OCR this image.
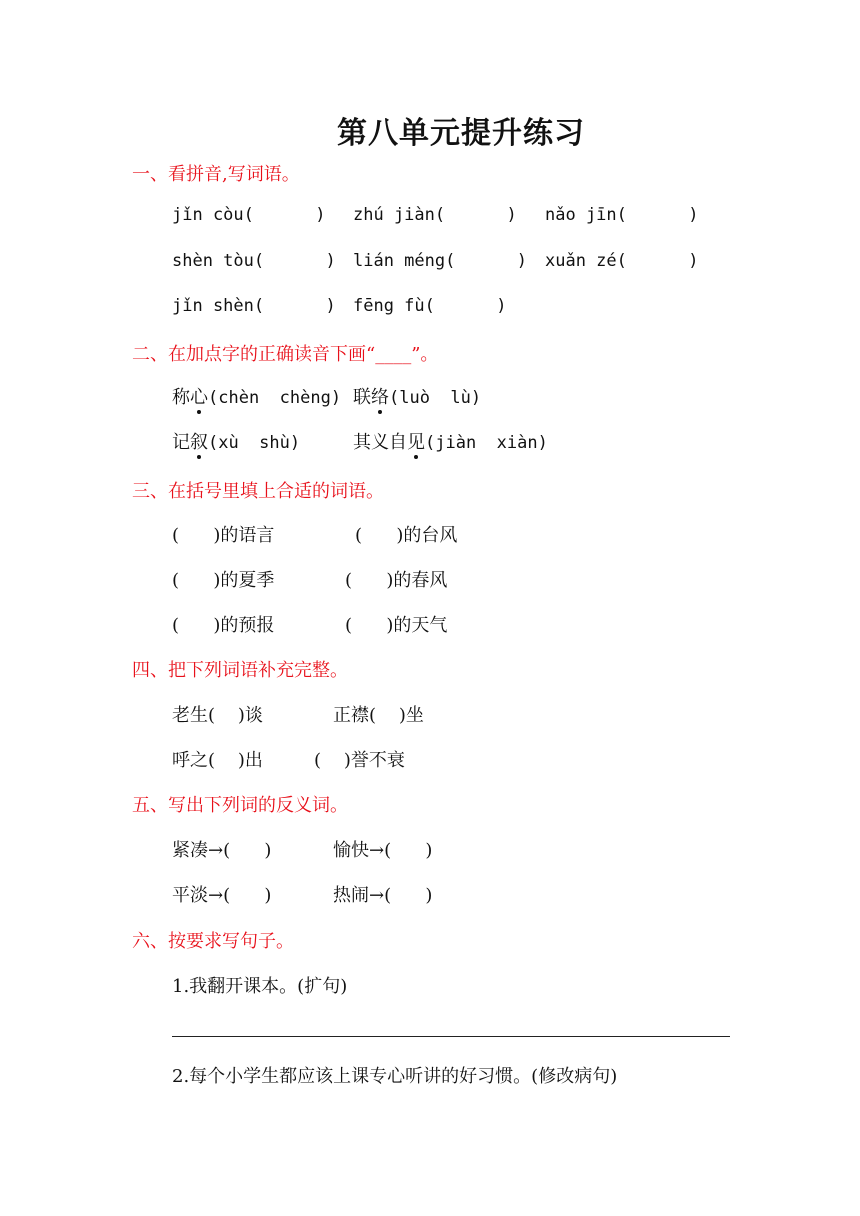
第八单元提升练习
一、看拼音,写词语。
jǐn còu(      ) zhú jiàn(      ) nǎo jīn(      )
shèn tòu(      ) lián méng(      ) xuǎn zé(      )
jǐn shèn(      ) fēng fù(      )
二、在加点字的正确读音下画“____”。
称心(chèn  chèng) 联络(luò  lù)
记叙(xù  shù)	其义自见(jiàn  xiàn)
三、在括号里填上合适的词语。
(      )的语言	(      )的台风
(      )的夏季	(      )的春风
(      )的预报	(      )的天气
四、把下列词语补充完整。
老生(    )谈	正襟(    )坐
呼之(    )出	(    )誉不衰
五、写出下列词的反义词。
紧凑→(      )	愉快→(      )
平淡→(      )	热闹→(      )
六、按要求写句子。
1.我翻开课本。(扩句)
2.每个小学生都应该上课专心听讲的好习惯。(修改病句)
